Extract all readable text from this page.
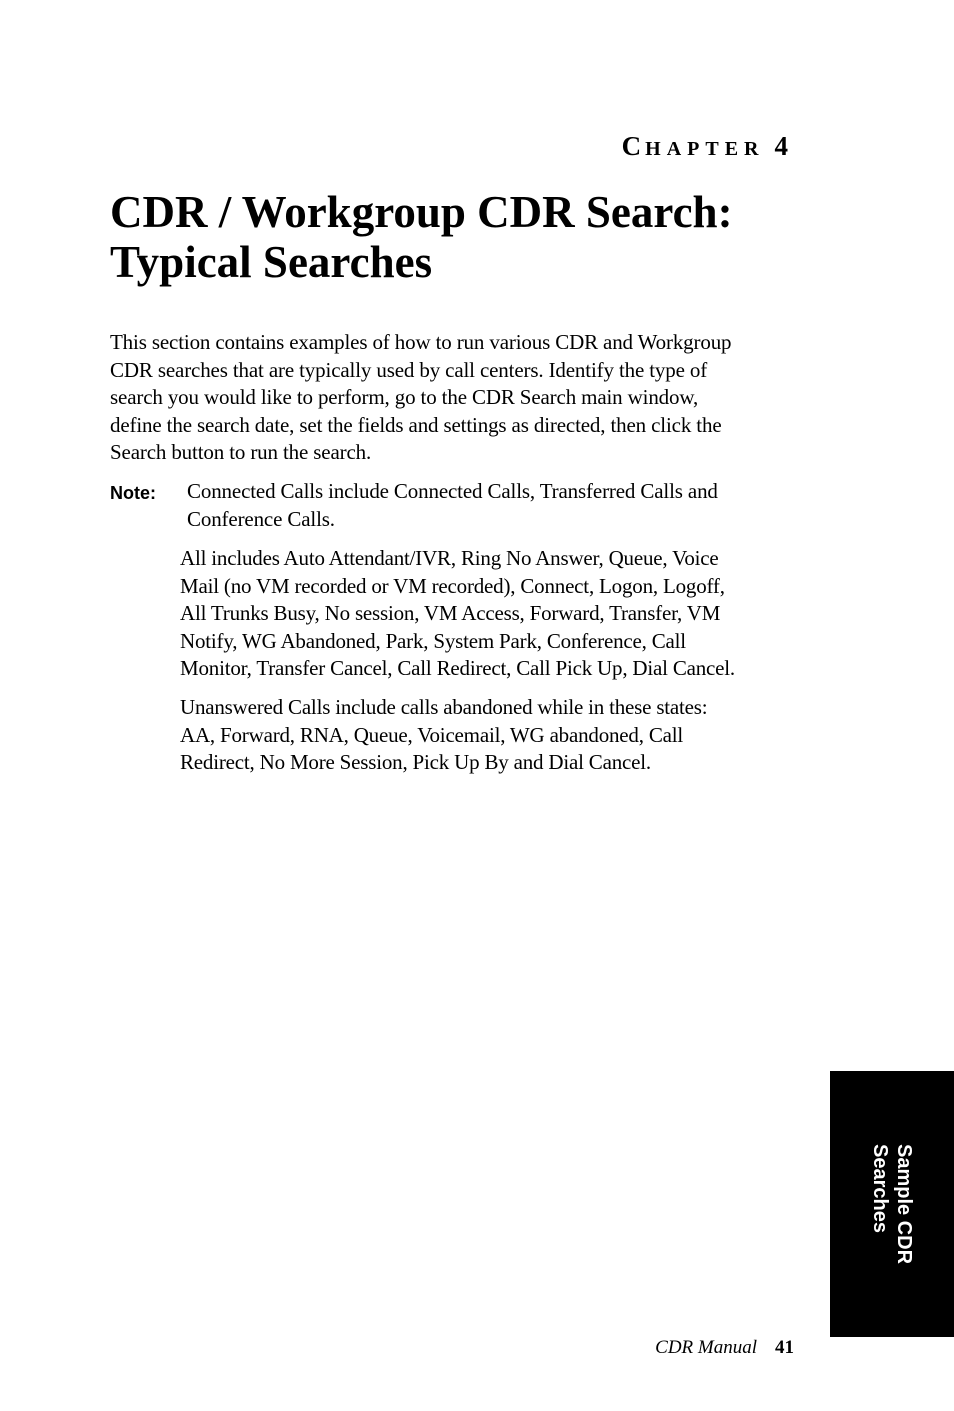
CHAPTER 4
CDR / Workgroup CDR Search:
Typical Searches

This section contains examples of how to run various CDR and Workgroup
CDR searches that are typically used by call centers. Identify the type of
search you would like to perform, go to the CDR Search main window,
define the search date, set the fields and settings as directed, then click the
Search button to run the search.

Note: Connected Calls include Connected Calls, Transferred Calls and
Conference Calls.
All includes Auto Attendant/IVR, Ring No Answer, Queue, Voice
Mail (no VM recorded or VM recorded), Connect, Logon, Logoff,
All Trunks Busy, No session, VM Access, Forward, Transfer, VM
Notify, WG Abandoned, Park, System Park, Conference, Call
Monitor, Transfer Cancel, Call Redirect, Call Pick Up, Dial Cancel.
Unanswered Calls include calls abandoned while in these states:
AA, Forward, RNA, Queue, Voicemail, WG abandoned, Call
Redirect, No More Session, Pick Up By and Dial Cancel.
Sample CDR
Searches
CDR Manual 41
